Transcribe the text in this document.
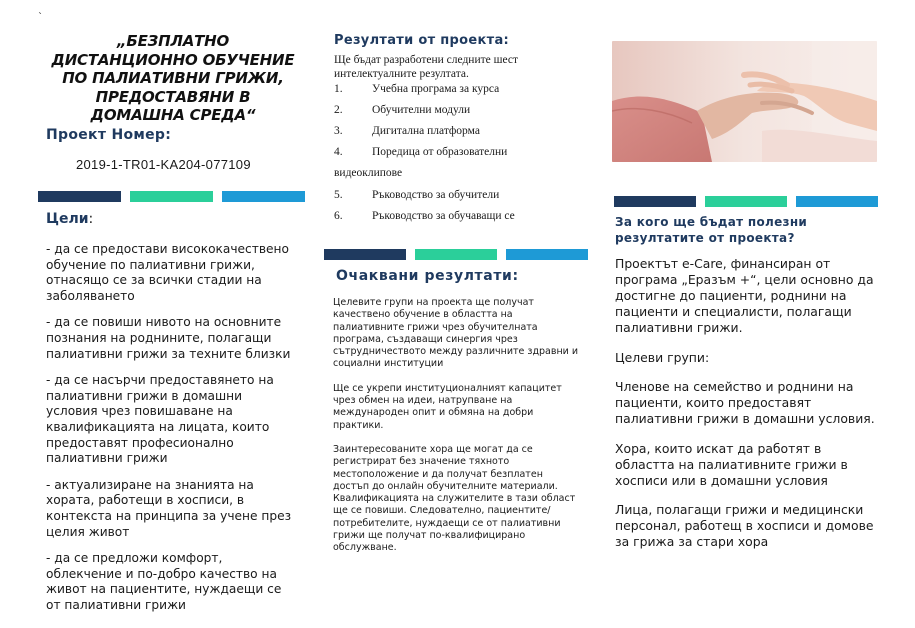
`
„БЕЗПЛАТНО ДИСТАНЦИОННО ОБУЧЕНИЕ ПО ПАЛИАТИВНИ ГРИЖИ, ПРЕДОСТАВЯНИ В ДОМАШНА СРЕДА“
Проект Номер:
2019-1-TR01-KA204-077109
Цели:

- да се предостави висококачествено обучение по палиативни грижи, отнасящо се за всички стадии на заболяването

- да се повиши нивото на основните познания на роднините, полагащи палиативни грижи за техните близки

- да се насърчи предоставянето на палиативни грижи в домашни условия чрез повишаване на квалификацията на лицата, които предоставят професионално палиативни грижи

- актуализиране на знанията на хората, работещи в хосписи, в контекста на принципа за учене през целия живот

- да се предложи комфорт, облекчение и по-добро качество на живот на пациентите, нуждаещи се от палиативни грижи

Резултати от проекта:
Ще бъдат разработени следните шест интелектуалните резултата.
1.	Учебна програма за курса
2.	Обучителни модули
3.	Дигитална платформа
4.	Поредица от образователни
видеоклипове
5.	Ръководство за обучители
6.	Ръководство за обучаващи се
Очаквани резултати:

Целевите групи на проекта ще получат качествено обучение в областта на палиативните грижи чрез обучителната програма, създаващи синергия чрез сътрудничеството между различните здравни и социални институции

Ще се укрепи институционалният капацитет чрез обмен на идеи, натрупване на международен опит и обмяна на добри практики.

Заинтересованите хора ще могат да се регистрират без значение тяхното местоположение и да получат безплатен достъп до онлайн обучителните материали. Квалификацията на служителите в тази област ще се повиши. Следователно, пациентите/потребителите, нуждаещи се от палиативни грижи ще получат по-квалифицирано обслужване.

За кого ще бъдат полезни резултатите от проекта?

Проектът e-Care, финансиран от програма „Еразъм +“, цели основно да достигне до пациенти, роднини на пациенти и специалисти, полагащи палиативни грижи.

Целеви групи:

Членове на семейство и роднини на пациенти, които предоставят палиативни грижи в домашни условия.

Хора, които искат да работят в областта на палиативните грижи в хосписи или в домашни условия

Лица, полагащи грижи и медицински персонал, работещ в хосписи и домове за грижа за стари хора
